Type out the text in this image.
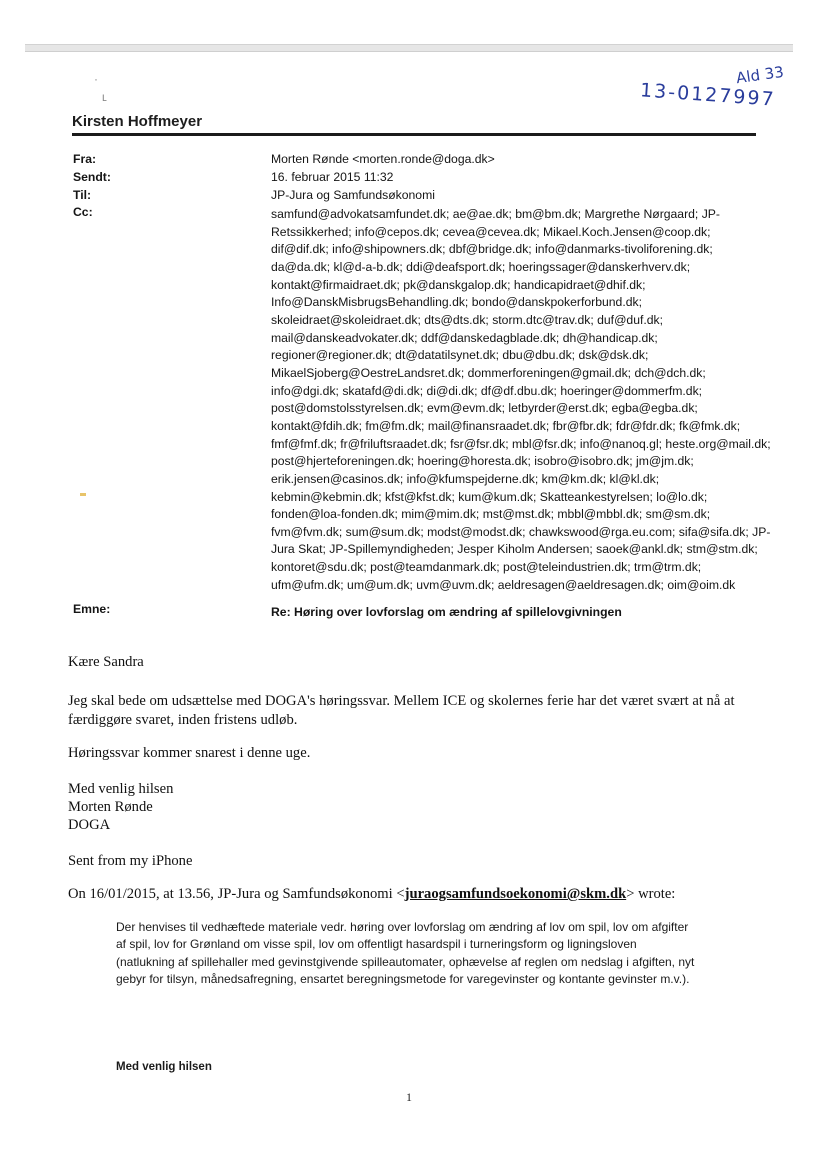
Ald 33
13-0127997
·
ʟ
Kirsten Hoffmeyer
Fra:	Morten Rønde <morten.ronde@doga.dk>
Sendt:	16. februar 2015 11:32
Til:	JP-Jura og Samfundsøkonomi
Cc:	samfund@advokatsamfundet.dk; ae@ae.dk; bm@bm.dk; Margrethe Nørgaard; JP-Retssikkerhed; info@cepos.dk; cevea@cevea.dk; Mikael.Koch.Jensen@coop.dk; dif@dif.dk; info@shipowners.dk; dbf@bridge.dk; info@danmarks-tivoliforening.dk; da@da.dk; kl@d-a-b.dk; ddi@deafsport.dk; hoeringssager@danskerhverv.dk; kontakt@firmaidraet.dk; pk@danskgalop.dk; handicapidraet@dhif.dk; Info@DanskMisbrugsBehandling.dk; bondo@danskpokerforbund.dk; skoleidraet@skoleidraet.dk; dts@dts.dk; storm.dtc@trav.dk; duf@duf.dk; mail@danskeadvokater.dk; ddf@danskedagblade.dk; dh@handicap.dk; regioner@regioner.dk; dt@datatilsynet.dk; dbu@dbu.dk; dsk@dsk.dk; MikaelSjoberg@OestreLandsret.dk; dommerforeningen@gmail.dk; dch@dch.dk; info@dgi.dk; skatafd@di.dk; di@di.dk; df@df.dbu.dk; hoeringer@dommerfm.dk; post@domstolsstyrelsen.dk; evm@evm.dk; letbyrder@erst.dk; egba@egba.dk; kontakt@fdih.dk; fm@fm.dk; mail@finansraadet.dk; fbr@fbr.dk; fdr@fdr.dk; fk@fmk.dk; fmf@fmf.dk; fr@friluftsraadet.dk; fsr@fsr.dk; mbl@fsr.dk; info@nanoq.gl; heste.org@mail.dk; post@hjerteforeningen.dk; hoering@horesta.dk; isobro@isobro.dk; jm@jm.dk; erik.jensen@casinos.dk; info@kfumspejderne.dk; km@km.dk; kl@kl.dk; kebmin@kebmin.dk; kfst@kfst.dk; kum@kum.dk; Skatteankestyrelsen; lo@lo.dk; fonden@loa-fonden.dk; mim@mim.dk; mst@mst.dk; mbbl@mbbl.dk; sm@sm.dk; fvm@fvm.dk; sum@sum.dk; modst@modst.dk; chawkswood@rga.eu.com; sifa@sifa.dk; JP-Jura Skat; JP-Spillemyndigheden; Jesper Kiholm Andersen; saoek@ankl.dk; stm@stm.dk; kontoret@sdu.dk; post@teamdanmark.dk; post@teleindustrien.dk; trm@trm.dk; ufm@ufm.dk; um@um.dk; uvm@uvm.dk; aeldresagen@aeldresagen.dk; oim@oim.dk
Emne:	Re: Høring over lovforslag om ændring af spillelovgivningen
Kære Sandra
Jeg skal bede om udsættelse med DOGA's høringssvar. Mellem ICE og skolernes ferie har det været svært at nå at færdiggøre svaret, inden fristens udløb.
Høringssvar kommer snarest i denne uge.
Med venlig hilsen
Morten Rønde
DOGA
Sent from my iPhone
On 16/01/2015, at 13.56, JP-Jura og Samfundsøkonomi <juraogsamfundsoekonomi@skm.dk> wrote:
Der henvises til vedhæftede materiale vedr. høring over lovforslag om ændring af lov om spil, lov om afgifter af spil, lov for Grønland om visse spil, lov om offentligt hasardspil i turneringsform og ligningsloven (natlukning af spillehaller med gevinstgivende spilleautomater, ophævelse af reglen om nedslag i afgiften, nyt gebyr for tilsyn, månedsafregning, ensartet beregningsmetode for varegevinster og kontante gevinster m.v.).
Med venlig hilsen
1
